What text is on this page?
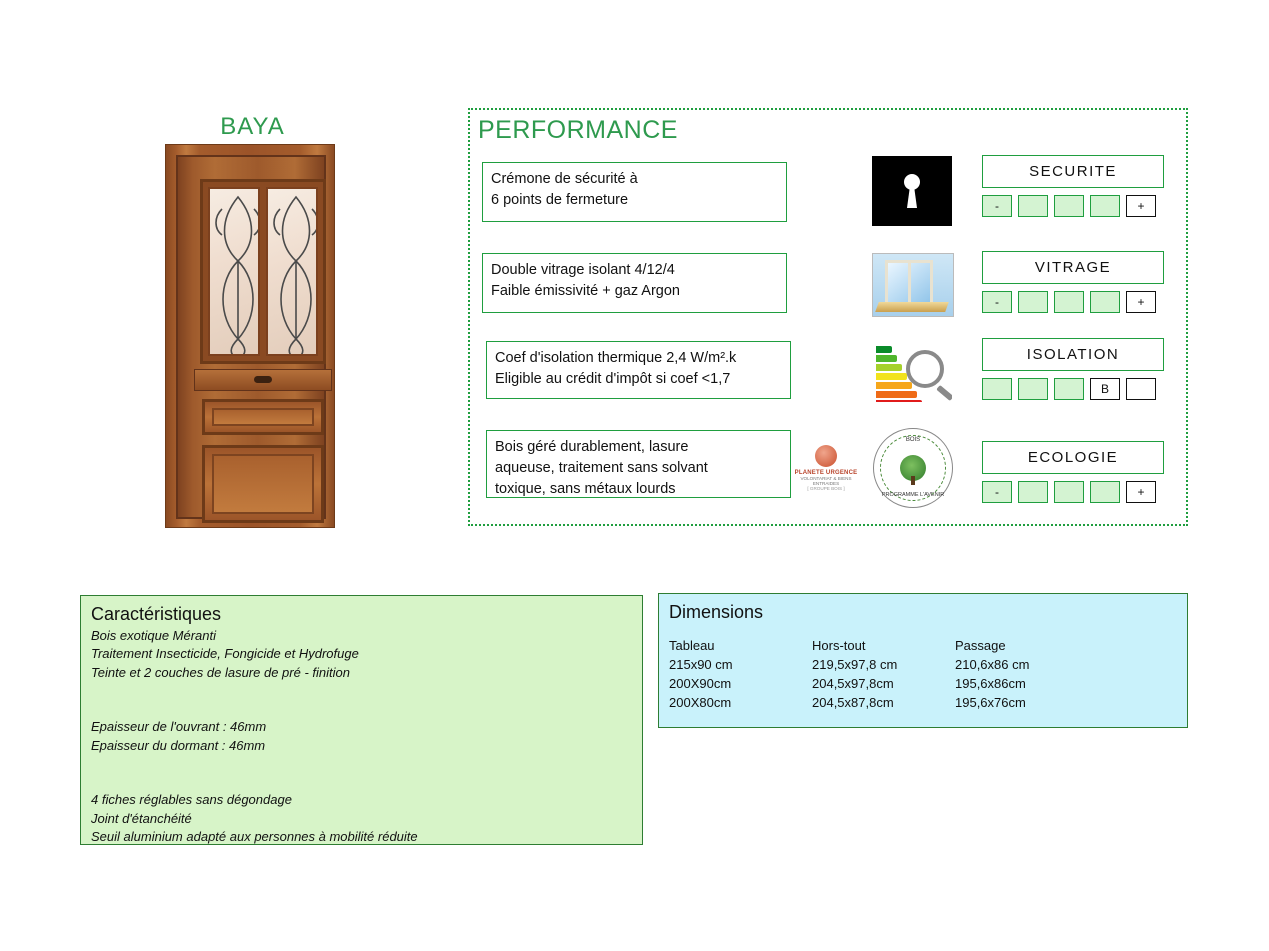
BAYA	PERFORMANCE
Crémone de sécurité à
6 points de fermeture
SECURITE
-	+
Double vitrage isolant 4/12/4
Faible émissivité + gaz Argon
VITRAGE
-	+
Coef d'isolation thermique 2,4 W/m².k
Eligible au crédit d'impôt si coef <1,7
ISOLATION
B
Bois géré durablement, lasure
aqueuse, traitement sans solvant
toxique, sans métaux lourds
PLANETE URGENCE
VOLONTARIAT & BIENS ENTRAIDES
[ GROUPE BOIS ]
BOIS
PROGRAMME L'AVENIR
ECOLOGIE
-	+
Caractéristiques
Bois exotique Méranti
Traitement Insecticide, Fongicide et Hydrofuge
Teinte et 2 couches de lasure de pré - finition
Epaisseur de l'ouvrant : 46mm
Epaisseur du dormant : 46mm
4 fiches réglables sans dégondage
Joint d'étanchéité
Seuil aluminium adapté aux personnes à mobilité réduite
Dimensions
Tableau	Hors-tout	Passage
215x90 cm	219,5x97,8 cm	210,6x86 cm
200X90cm	204,5x97,8cm	195,6x86cm
200X80cm	204,5x87,8cm	195,6x76cm
